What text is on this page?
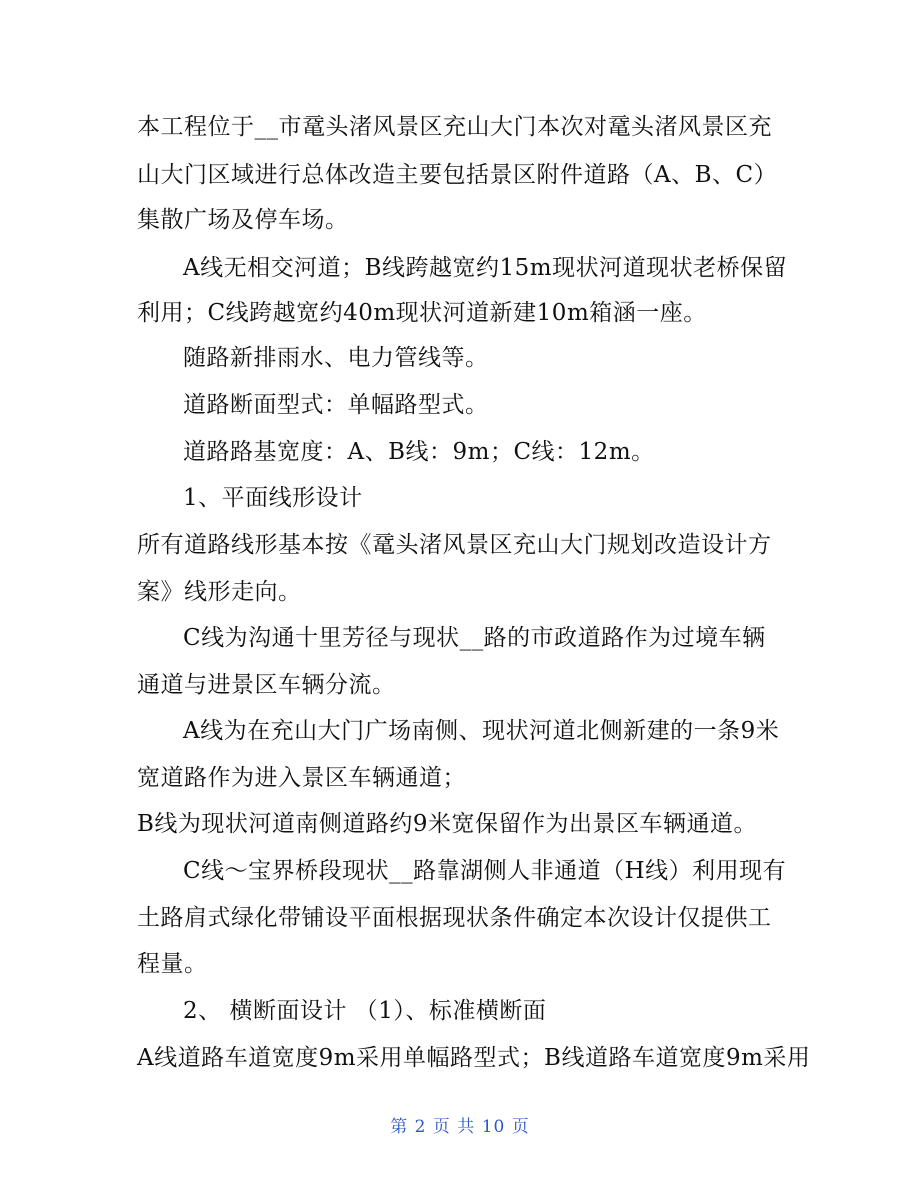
本工程位于__市鼋头渚风景区充山大门本次对鼋头渚风景区充
山大门区域进行总体改造主要包括景区附件道路（A、B、C）
集散广场及停车场。
A线无相交河道；B线跨越宽约15m现状河道现状老桥保留
利用；C线跨越宽约40m现状河道新建10m箱涵一座。
随路新排雨水、电力管线等。
道路断面型式：单幅路型式。
道路路基宽度：A、B线：9m；C线：12m。
1、平面线形设计
所有道路线形基本按《鼋头渚风景区充山大门规划改造设计方
案》线形走向。
C线为沟通十里芳径与现状__路的市政道路作为过境车辆
通道与进景区车辆分流。
A线为在充山大门广场南侧、现状河道北侧新建的一条9米
宽道路作为进入景区车辆通道；
B线为现状河道南侧道路约9米宽保留作为出景区车辆通道。
C线～宝界桥段现状__路靠湖侧人非通道（H线）利用现有
土路肩式绿化带铺设平面根据现状条件确定本次设计仅提供工
程量。
2、 横断面设计 （1）、标准横断面
A线道路车道宽度9m采用单幅路型式；B线道路车道宽度9m采用
第 2 页 共 10 页
